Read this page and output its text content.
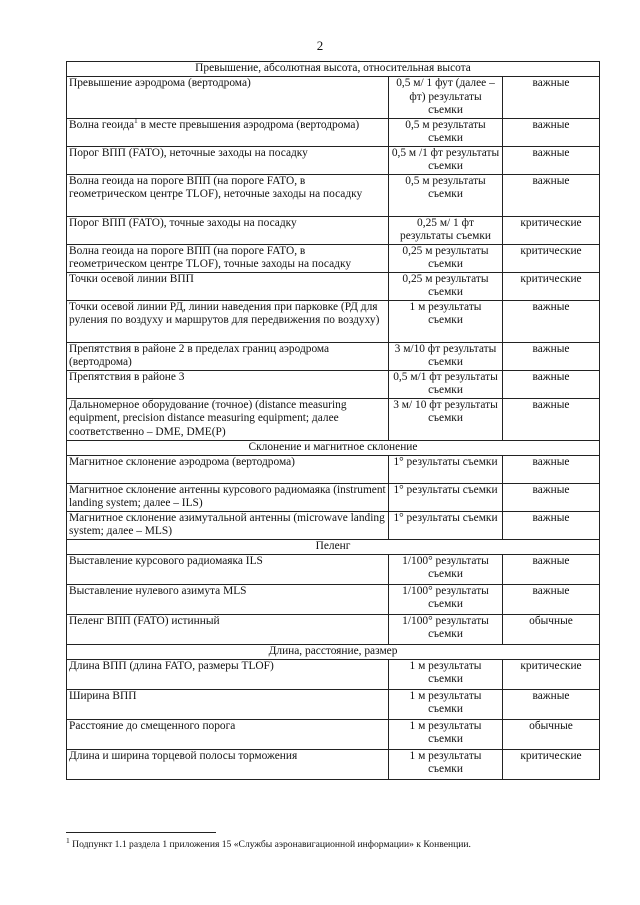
2
Превышение, абсолютная высота, относительная высота		
Превышение аэродрома (вертодрома)	0,5 м/ 1 фут (далее – фт) результаты съемки	важные
Волна геоида$^1$ в месте превышения аэродрома (вертодрома)	0,5 м результаты съемки	важные
Порог ВПП (FATO), неточные заходы на посадку	0,5 м /1 фт результаты съемки	важные
Волна геоида на пороге ВПП (на пороге FATO, в геометрическом центре TLOF), неточные заходы на посадку	0,5 м результаты съемки	важные
Порог ВПП (FATO), точные заходы на посадку	0,25 м/ 1 фт результаты съемки	критические
Волна геоида на пороге ВПП (на пороге FATO, в геометрическом центре TLOF), точные заходы на посадку	0,25 м результаты съемки	критические
Точки осевой линии ВПП	0,25 м результаты съемки	критические
Точки осевой линии РД, линии наведения при парковке (РД для руления по воздуху и маршрутов для передвижения по воздуху)	1 м результаты съемки	важные
Препятствия в районе 2 в пределах границ аэродрома (вертодрома)	3 м/10 фт результаты съемки	важные
Препятствия в районе 3	0,5 м/1 фт результаты съемки	важные
Дальномерное оборудование (точное) (distance measuring equipment, precision distance measuring equipment; далее соответственно – DME, DME(P)	3 м/ 10 фт результаты съемки	важные
Склонение и магнитное склонение		
Магнитное склонение аэродрома (вертодрома)	1° результаты съемки	важные
Магнитное склонение антенны курсового радиомаяка (instrument landing system; далее – ILS)	1° результаты съемки	важные
Магнитное склонение азимутальной антенны (microwave landing system; далее – MLS)	1° результаты съемки	важные
Пеленг		
Выставление курсового радиомаяка ILS	1/100° результаты съемки	важные
Выставление нулевого азимута MLS	1/100° результаты съемки	важные
Пеленг ВПП (FATO) истинный	1/100° результаты съемки	обычные
Длина, расстояние, размер		
Длина ВПП (длина FATO, размеры TLOF)	1 м результаты съемки	критические
Ширина ВПП	1 м результаты съемки	важные
Расстояние до смещенного порога	1 м результаты съемки	обычные
Длина и ширина торцевой полосы торможения	1 м результаты съемки	критические
$^1$ Подпункт 1.1 раздела 1 приложения 15 «Службы аэронавигационной информации» к Конвенции.
